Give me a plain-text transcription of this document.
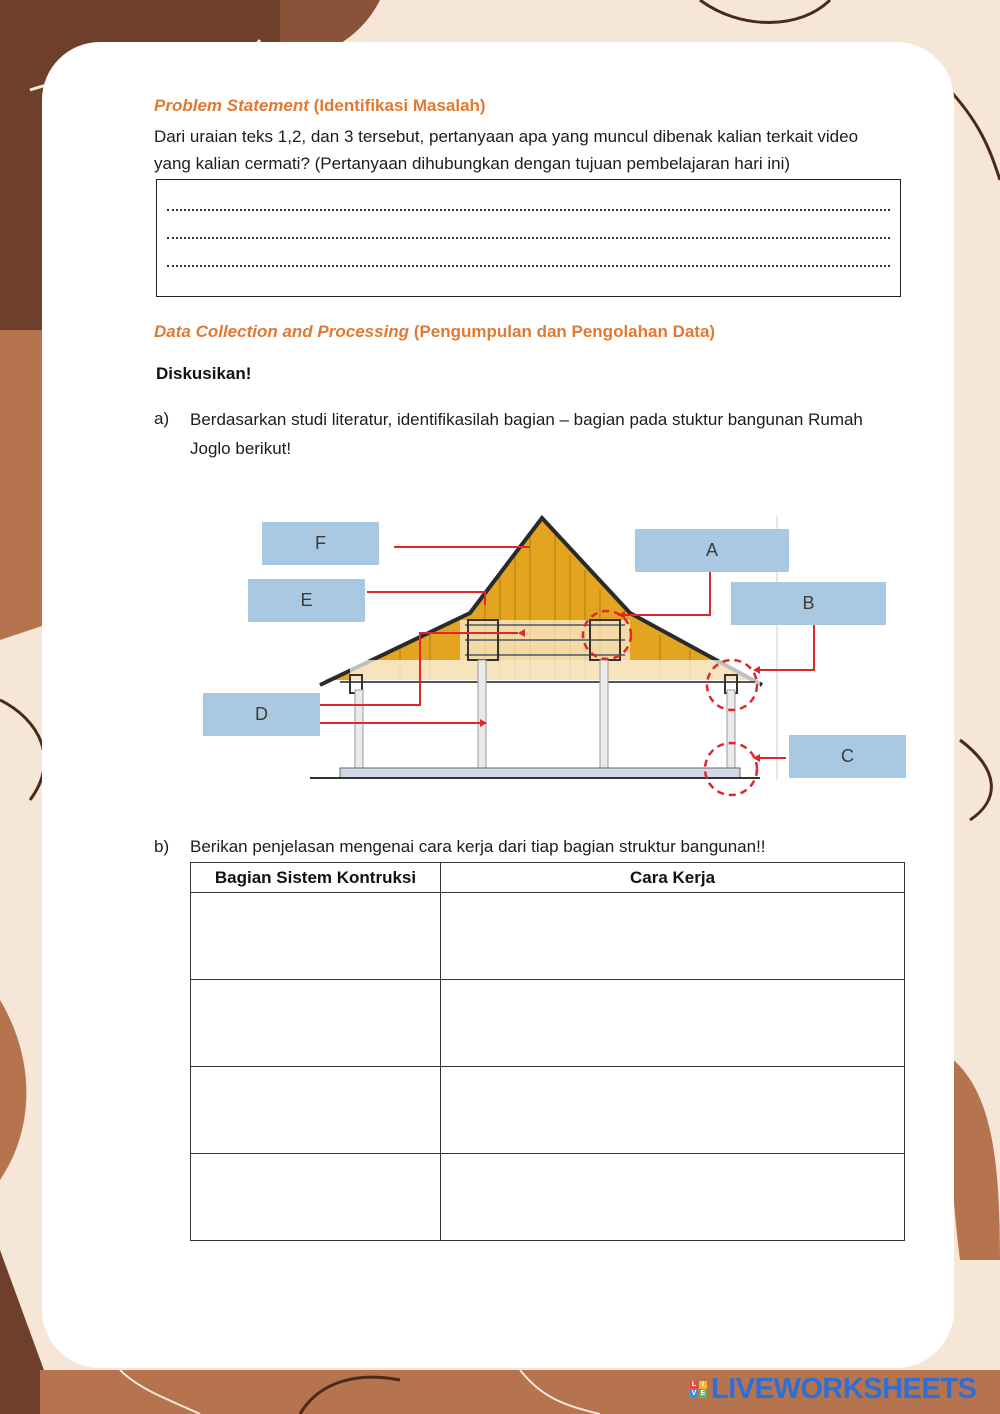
Problem Statement (Identifikasi Masalah)
Dari uraian teks 1,2, dan 3 tersebut, pertanyaan apa yang muncul dibenak kalian terkait video
yang kalian cermati? (Pertanyaan dihubungkan dengan tujuan pembelajaran hari ini)
Data Collection and Processing (Pengumpulan dan Pengolahan Data)
Diskusikan!
a) Berdasarkan studi literatur, identifikasilah bagian – bagian pada stuktur bangunan Rumah
Joglo berikut!
F
E
A
B
D
C
b) Berikan penjelasan mengenai cara kerja dari tiap bagian struktur bangunan!!
Bagian Sistem Kontruksi	Cara Kerja

L I
V E LIVEWORKSHEETS
